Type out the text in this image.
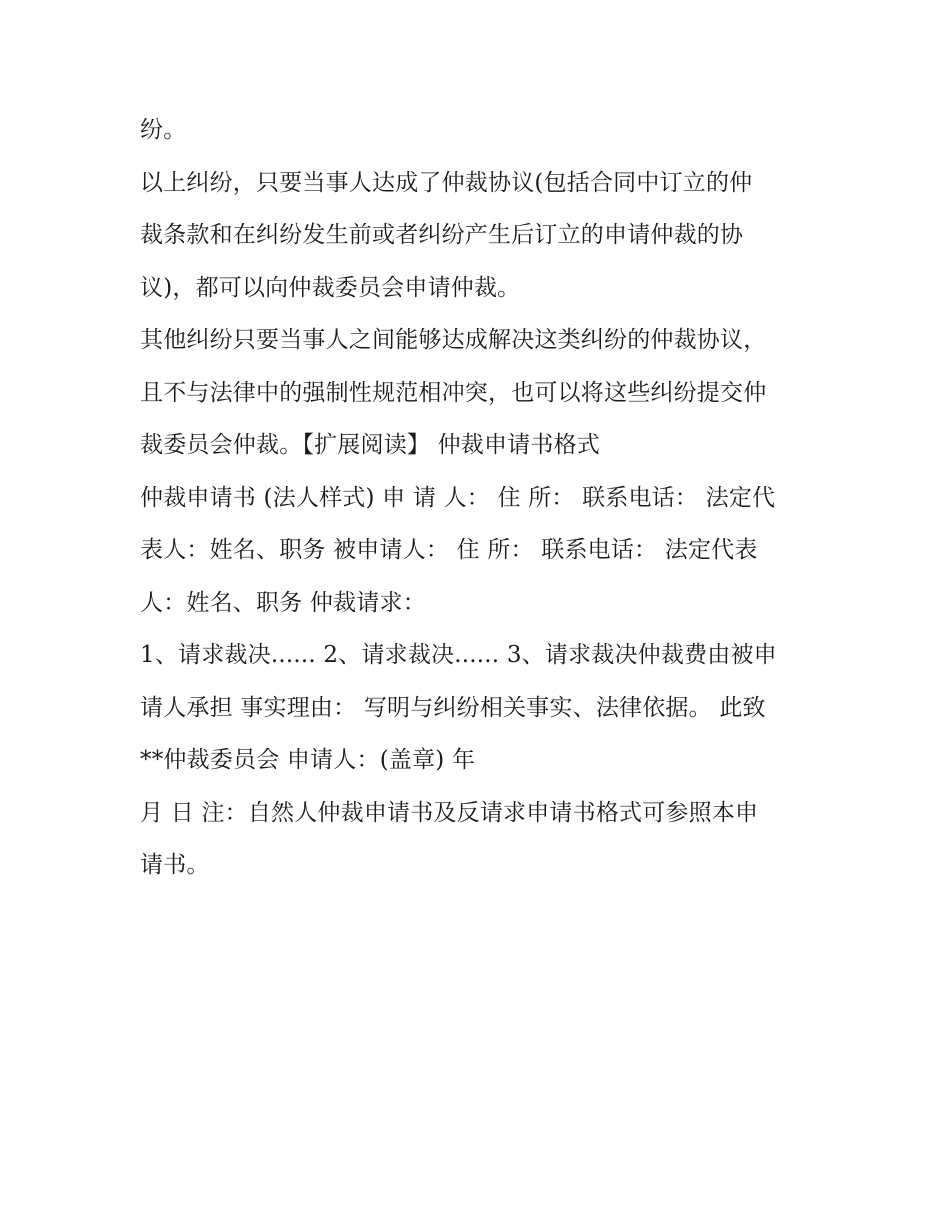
纷。
以上纠纷，只要当事人达成了仲裁协议(包括合同中订立的仲
裁条款和在纠纷发生前或者纠纷产生后订立的申请仲裁的协
议)，都可以向仲裁委员会申请仲裁。
其他纠纷只要当事人之间能够达成解决这类纠纷的仲裁协议，
且不与法律中的强制性规范相冲突，也可以将这些纠纷提交仲
裁委员会仲裁。【扩展阅读】 仲裁申请书格式
仲裁申请书 (法人样式) 申 请 人： 住 所： 联系电话： 法定代
表人：姓名、职务 被申请人： 住 所： 联系电话： 法定代表
人：姓名、职务 仲裁请求：
1、请求裁决...... 2、请求裁决...... 3、请求裁决仲裁费由被申
请人承担 事实理由： 写明与纠纷相关事实、法律依据。 此致
**仲裁委员会 申请人：(盖章) 年
月 日 注：自然人仲裁申请书及反请求申请书格式可参照本申
请书。
